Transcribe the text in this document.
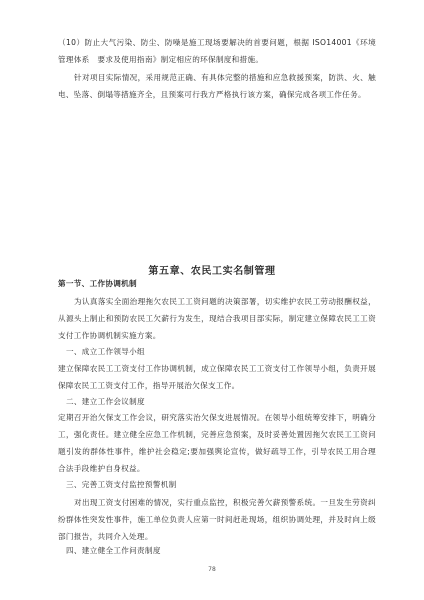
（10）防止大气污染、防尘、防噪是施工现场要解决的首要问题，根据 ISO14001《环境管理体系　要求及使用指南》制定相应的环保制度和措施。
针对项目实际情况，采用规范正确、有具体完整的措施和应急救援预案，防洪、火、触电、坠落、倒塌等措施齐全，且预案可行我方严格执行该方案，确保完成各项工作任务。
第五章、农民工实名制管理
第一节、工作协调机制
为认真落实全面治理拖欠农民工工资问题的决策部署，切实维护农民工劳动报酬权益，从源头上制止和预防农民工欠薪行为发生，现结合我项目部实际，制定建立保障农民工工资支付工作协调机制实施方案。
一、成立工作领导小组
建立保障农民工工资支付工作协调机制，成立保障农民工工资支付工作领导小组，负责开展保障农民工工资支付工作，指导开展治欠保支工作。
二、建立工作会议制度
定期召开治欠保支工作会议，研究落实治欠保支进展情况。在领导小组统筹安排下，明确分工，强化责任。建立健全应急工作机制，完善应急预案，及时妥善处置因拖欠农民工工资问题引发的群体性事件，维护社会稳定;要加强舆论宣传，做好疏导工作，引导农民工用合理合法手段维护自身权益。
三、完善工资支付监控预警机制
对出现工资支付困难的情况，实行重点监控，积极完善欠薪预警系统。一旦发生劳资纠纷群体性突发性事件，施工单位负责人应第一时间赶赴现场，组织协调处理，并及时向上级部门报告，共同介入处理。
四、建立健全工作问责制度
78
